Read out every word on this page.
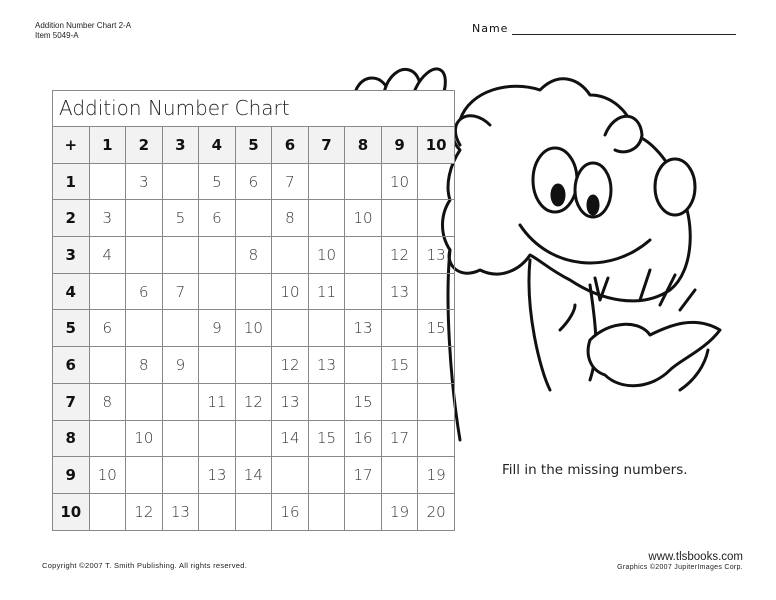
Addition Number Chart 2-A
Item 5049-A
Name
Addition Number Chart
+	1	2	3	4	5	6	7	8	9	10
1		3		5	6	7			10	
2	3		5	6		8		10		
3	4				8		10		12	13
4		6	7			10	11		13	
5	6			9	10			13		15
6		8	9			12	13		15	
7	8			11	12	13		15		
8		10				14	15	16	17	
9	10			13	14			17		19
10		12	13			16			19	20
Fill in the missing numbers.
Copyright ©2007 T. Smith Publishing. All rights reserved.
www.tlsbooks.com
Graphics ©2007 JupiterImages Corp.
